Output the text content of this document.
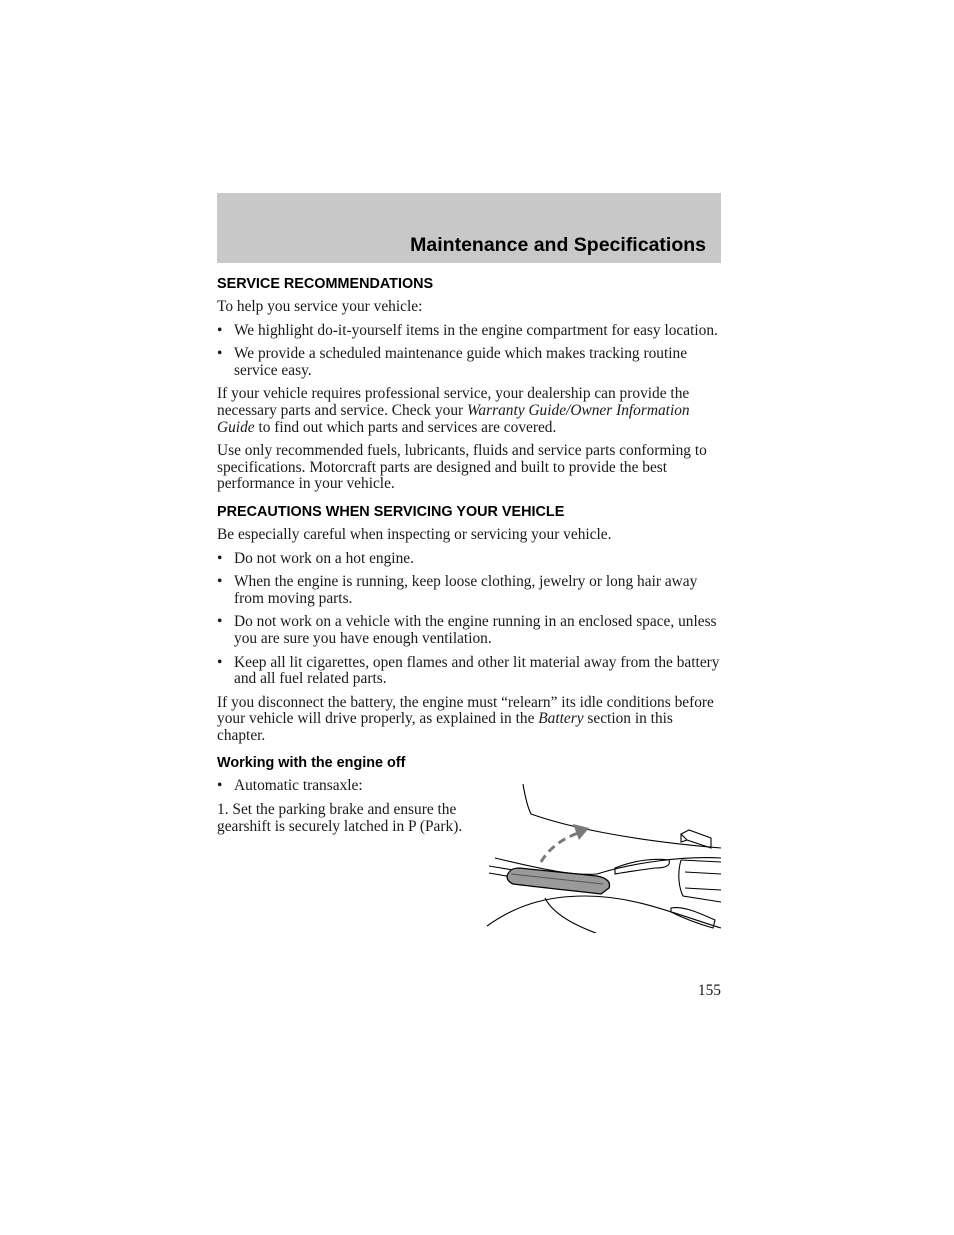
Maintenance and Specifications
SERVICE RECOMMENDATIONS

To help you service your vehicle:

• We highlight do-it-yourself items in the engine compartment for easy location.
• We provide a scheduled maintenance guide which makes tracking routine service easy.

If your vehicle requires professional service, your dealership can provide the necessary parts and service. Check your Warranty Guide/Owner Information Guide to find out which parts and services are covered.

Use only recommended fuels, lubricants, fluids and service parts conforming to specifications. Motorcraft parts are designed and built to provide the best performance in your vehicle.

PRECAUTIONS WHEN SERVICING YOUR VEHICLE

Be especially careful when inspecting or servicing your vehicle.

• Do not work on a hot engine.
• When the engine is running, keep loose clothing, jewelry or long hair away from moving parts.
• Do not work on a vehicle with the engine running in an enclosed space, unless you are sure you have enough ventilation.
• Keep all lit cigarettes, open flames and other lit material away from the battery and all fuel related parts.

If you disconnect the battery, the engine must “relearn” its idle conditions before your vehicle will drive properly, as explained in the Battery section in this chapter.

Working with the engine off
• Automatic transaxle:

1. Set the parking brake and ensure the gearshift is securely latched in P (Park).

155
